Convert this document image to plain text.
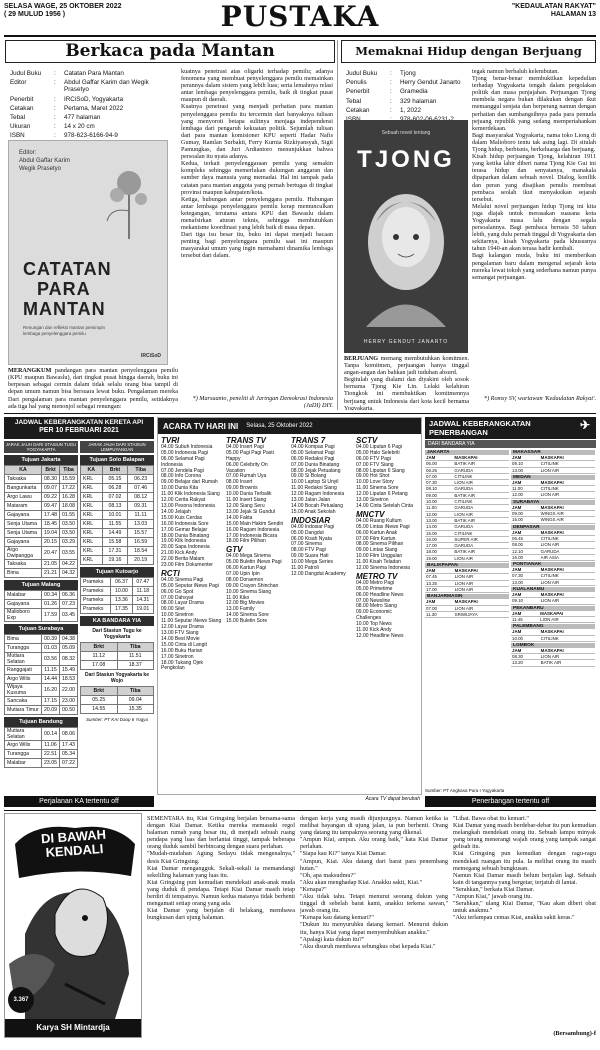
SELASA WAGE, 25 OKTOBER 2022
( 29 MULUD 1956 )	PUSTAKA	"KEDAULATAN RAKYAT"
HALAMAN 13
Berkaca pada Mantan
Judul Buku	:	Catatan Para Mantan
Editor	:	Abdul Gaffar Karim dan Wegik Prasetyo
Penerbit	:	IRCiSoD, Yogyakarta
Cetakan	:	Pertama, Maret 2022
Tebal	:	477 halaman
Ukuran	:	14 x 20 cm
ISBN	:	978-623-6166-94-9
Editor:
Abdul Gaffar Karim
Wegik Prasetyo
CATATAN
PARA
MANTAN
Renungan dan refleksi mantan pemimpin lembaga penyelenggara pemilu
IRCiSoD

MERANGKUM pandangan para mantan penyelenggara pemilu (KPU maupun Bawaslu), dari tingkat pusat hingga daerah, buku ini berpesan sebagai cermin dalam tidak selalu orang bisa tampil di depan umum namun bisa bersuara lewat buku. Pengalaman mereka

Dari pengalaman para mantan penyelenggara pemilu, setidaknya ada tiga hal yang menonjol sebagai renungan:
kuatnya penetrasi atas oligarki terhadap pemilu; adanya fenomena yang membuat penyelenggara pemilu memainkan perannya dalam sistem yang lebih luas; serta lemahnya relasi antar lembaga penyelenggara pemilu, baik di tingkat pusat maupun di daerah.
Kuatnya penetrasi yang menjadi perhatian para mantan penyelenggara pemilu itu tercermin dari banyaknya tulisan yang menyoroti betapa sulitnya menjaga independensi lembaga dari pengaruh kekuatan politik. Sejumlah tulisan dari para mantan komisioner KPU seperti Hadar Nafis Gumay, Ramlan Surbakti, Ferry Kurnia Rizkiyansyah, Sigit Pamungkas, dan Juri Ardiantoro menunjukkan bahwa persoalan itu nyata adanya.
Kedua, terkait penyelenggaraan pemilu yang semakin kompleks sehingga memerlukan dukungan anggaran dan sumber daya manusia yang memadai. Hal ini tampak pada catatan para mantan anggota yang pernah bertugas di tingkat provinsi maupun kabupaten/kota.
Ketiga, hubungan antar penyelenggara pemilu. Hubungan antar lembaga penyelenggara pemilu kerap memunculkan ketegangan, terutama antara KPU dan Bawaslu dalam menafsirkan aturan teknis, sehingga membutuhkan mekanisme koordinasi yang lebih baik di masa depan.
Dari tiga isu besar itu, buku ini dapat menjadi bacaan penting bagi penyelenggara pemilu saat ini maupun masyarakat umum yang ingin memahami dinamika lembaga tersebut dari dalam.
*) Marsuanto, peneliti di Jaringan Demokrasi Indonesia (JaDI) DIY.
Memaknai Hidup dengan Berjuang
Judul Buku	:	Tjong
Penulis	:	Herry Gendut Janarto
Penerbit	:	Gramedia
Tebal	:	329 halaman
Cetakan	:	1, 2022

Sebuah novel tentang
TJONG
HERRY GENDUT JANARTO
BERJUANG memang membutuhkan komitmen. Tanpa komitmen, perjuangan hanya tinggal angan-angan dan bahkan jadi tuduhan absurd.
Begitulah yang dialami dan diyakini oleh sosok bernama Tjong Kie Lin. Lelaki kelahiran Tiongkok ini membuktikan komitmennya berjuang untuk Indonesia dari kota kecil bernama Yogyakarta.

tegak namun berbaluh kelembutan.
Tjong benar-benar membuktikan kepedulian terhadap Yogyakarta tengah dalam pergolakan politik dan masa penjajahan. Perjuangan Tjong membela negara bukan dilakukan dengan ikut memanggul senjata dan berperang namun dengan perhatian dan sumbangsihnya pada para pemuda pejuang republik yang sedang mempertahankan kemerdekaan.
Bagi masyarakat Yogyakarta, nama toko Liong di dalam Malioboro tentu tak asing lagi. Di situlah Tjong hidup, berbisnis, berkeluarga dan berjuang.
Kisah hidup perjuangan Tjong, kelahiran 1911 yang ketika lahir diberi nama Tjong Kie Gui ini terasa hidup dan senyatanya, manakala dipaparkan dalam sebuah novel. Dialog, konflik dan peran yang disajikan penulis membuat pembaca seolah ikut menyaksikan sejarah tersebut.
Melalui novel perjuangan hidup Tjong ini kita juga diajak untuk merasakan suasana kota Yogyakarta masa lalu dengan segala persoalannya. Bagi pembaca berusia 50 tahun lebih, yang dulu pernah tinggal di Yogyakarta dan sekitarnya, kisah Yogyakarta pada khususnya tahun 1940-an akan terasa hadir kembali.
Bagi kalangan muda, buku ini memberikan pengalaman baru dalam mengenal sejarah kota mereka lewat tokoh yang sederhana namun punya semangat perjuangan.
*) Romsy SV, wartawan 'Kedaulatan Rakyat'.
JADWAL KEBERANGKATAN KERETA API
PER 10 FEBRUARI 2021
JARAK JAUH DARI STASIUN TUGU YOGYAKARTA
JARAK JAUH DARI STASIUN LEMPUYANGAN
Tujuan Jakarta
KA	Brkt	Tiba
Taksaka	08.30	15.59
Bangunkarta	09.07	17.22
Argo Lawu	09.22	16.28
Mataram	09.47	18.08
Gajayana	17.48	01.55
Senja Utama	18.45	03.50
Senja Utama	19.04	03.50
Gajayana	20.15	03.29
Argo Dwipangga	20.47	03.55
Taksaka	21.05	04.22
Bima	21.21	04.32
Tujuan Malang
Malabar	00.34	06.36
Gajayana	01.26	07.23
Malioboro Exp	17.59	03.45
Tujuan Surabaya
Bima	00.39	04.38
Turangga	01.03	05.09
Mutiara Selatan	03.56	08.32
Ranggajati	11.15	15.49
Argo Wilis	14.44	18.53
Wijaya Kusuma	16.20	22.00
Sancaka	17.15	23.00
Mutiara Timur	20.09	00.50
Tujuan Bandung
Mutiara Selatan	00.14	08.06
Argo Wilis	11.06	17.43
Turangga	22.51	05.34
Malabar	23.05	07.22
Tujuan Solo Balapan
KA	Brkt	Tiba
KRL	05.15	06.23
KRL	06.28	07.46
KRL	07.02	08.12
KRL	08.13	09.31
KRL	10.01	11.11
KRL	11.55	13.03
KRL	14.49	15.57
KRL	15.58	16.59
KRL	17.31	18.54
KRL	19.16	20.19
Tujuan Kutoarjo
Prameks	06.37	07.47
Prameks	10.00	11.18
Prameks	13.36	14.31
Prameks	17.35	19.01
KA BANDARA YIA
Dari Stasiun Tugu ke Yogyakarta
Brkt	Tiba
11.12	11.51
17.08	18.37
Dari Stasiun Yogyakarta ke Wojo
Brkt	Tiba
05.25	09.04
14.55	15.35
Sumber: PT KAI Daop 6 Yogya
Perjalanan KA tertentu off
ACARA TV HARI INI Selasa, 25 Oktober 2022
TVRI
04.00 Subuh Indonesia
05.00 Indonesia Pagi
06.00 Selamat Pagi Indonesia
07.00 Jendela Pagi
08.00 Info Corona
09.00 Belajar dari Rumah
10.00 Dunia Kita
11.00 Klik Indonesia Siang
12.00 Cerita Rakyat
13.00 Pesona Indonesia
14.00 Jelajah
15.00 Kuis Cerdas
16.00 Indonesia Sore
17.00 Gemar Belajar
18.00 Dunia Binatang
19.00 Klik Indonesia
20.00 Sapa Indonesia
21.00 Kick Andy
22.00 Berita Malam
23.00 Film Dokumenter
RCTI
04.00 Sinema Pagi
05.00 Seputar iNews Pagi
06.00 Go Spot
07.00 Dahsyat
08.00 Layar Drama
09.00 Silet
10.00 Sinetron
11.00 Seputar iNews Siang
12.00 Layar Drama
13.00 FTV Siang
14.00 Best Movie
15.00 Cinta di Langit
16.00 Buku Harian
17.00 Sinetron
18.00 Tukang Ojek Pengkolan
TRANS TV
04.00 Insert Pagi
05.00 Pagi Pagi Pasti Happy
06.00 Celebrity On Vacation
07.00 Rumah Uya
08.00 Insert
09.00 Brownis
10.00 Dunia Terbalik
11.00 Insert Siang
12.00 Siang Seru
13.00 Jejak Si Gundul
14.00 Fakta
15.00 Main Hakim Sendiri
16.00 Ragam Indonesia
17.00 Indonesia Bicara
18.00 Film Pilihan
GTV
04.00 Mega Sinema
05.00 Buletin iNews Pagi
06.00 Kartun Pagi
07.00 Upin Ipin
08.00 Doraemon
09.00 Crayon Shinchan
10.00 Sinema Siang
11.00 Kiko
12.00 Big Movies
13.00 Family
14.00 Sinema Sore
15.00 Buletin Sore
TRANS 7
04.00 Kompas Pagi
05.00 Selamat Pagi
06.00 Redaksi Pagi
07.00 Dunia Binatang
08.00 Jejak Petualang
09.00 Si Bolang
10.00 Laptop Si Unyil
11.00 Redaksi Siang
12.00 Ragam Indonesia
13.00 Jalan Jalan
14.00 Bocah Petualang
15.00 Anak Sekolah
INDOSIAR
04.00 Indosiar Pagi
05.00 Dangdut
06.00 Kisah Nyata
07.00 Sinema
08.00 FTV Pagi
09.00 Suara Hati
10.00 Mega Series
11.00 Patroli
12.00 Dangdut Academy
SCTV
04.00 Liputan 6 Pagi
05.00 Halo Selebriti
06.00 FTV Pagi
07.00 FTV Siang
08.00 Liputan 6 Siang
09.00 Hot Shot
10.00 Love Story
11.00 Sinema Sore
12.00 Liputan 6 Petang
13.00 Sinetron
14.00 Cinta Setelah Cinta
MNCTV
04.00 Ruang Kultum
05.00 Lintas iNews Pagi
06.00 Kartun Anak
07.00 Film Kartun
08.00 Sinema Pilihan
09.00 Lintas Siang
10.00 Film Unggulan
11.00 Kisah Teladan
12.00 Sinema Indonesia
METRO TV
04.00 Metro Pagi
05.00 Primetime
06.00 Headline News
07.00 Newsline
08.00 Metro Siang
09.00 Economic Challenges
10.00 Top News
11.00 Kick Andy
12.00 Headline News
Acara TV dapat berubah
JADWAL KEBERANGKATAN
PENERBANGAN
✈
DARI BANDARA YIA
JAKARTA
JAM	MASKAPAI
06.00	BATIK AIR
06.25	GARUDA
07.00	CITILINK
07.30	LION AIR
08.10	GARUDA
09.00	BATIK AIR
10.00	CITILINK
11.00	GARUDA
12.00	LION AIR
13.00	BATIK AIR
14.00	GARUDA
15.00	CITILINK
16.00	SUPER AIR
17.00	GARUDA
18.00	BATIK AIR
19.00	LION AIR
BALIKPAPAN
JAM	MASKAPAI
07.45	LION AIR
13.25	LION AIR
17.00	LION AIR
BANJARMASIN
JAM	MASKAPAI
07.00	LION AIR
11.30	SRIWIJAYA
MAKASSAR
JAM	MASKAPAI
09.10	CITILINK
13.00	LION AIR
MEDAN
JAM	MASKAPAI
11.00	CITILINK
12.00	LION AIR
SURABAYA
JAM	MASKAPAI
09.00	WINGS AIR
15.00	WINGS AIR
DENPASAR
JAM	MASKAPAI
06.45	CITILINK
08.00	LION AIR
12.10	GARUDA
16.00	AIR ASIA
PONTIANAK
JAM	MASKAPAI
07.30	CITILINK
13.00	LION AIR
KUALANAMU
JAM	MASKAPAI
09.10	LION AIR
PEKANBARU
JAM	MASKAPAI
11.45	LION AIR
PALEMBANG
JAM	MASKAPAI
10.00	CITILINK
LOMBOK
JAM	MASKAPAI
08.30	LION AIR
13.20	BATIK AIR
Sumber: PT Angkasa Pura I Yogyakarta
Penerbangan tertentu off
DI BAWAH KENDALI
3.367
Karya SH Mintardja
SEMENTARA itu, Kiai Gringsing berjalan bersama-sama dengan Kiai Damar. Ketika mereka memasuki regol halaman rumah yang besar itu, di menjadi sebuah ruang pendapa yang luas dan berlantai tinggi, tampak beberapa orang duduk sambil berbincang dengan suara perlahan.
"Mudah-mudahan Agung Sedayu tidak mengenalnya," desis Kiai Gringsing.
Kiai Damar mengangguk. Sekali-sekali ia memandangi sekeliling halaman yang luas itu.
Kiai Gringsing pun kemudian mendekati anak-anak muda yang duduk di pendapa. Tetapi Kiai Damar masih tetap berdiri di tempatnya. Namun kedua matanya tidak berhenti mengamati setiap orang yang ada.
Kiai Damar yang berjalan di belakang, membawa bungkusan dari ujung halaman.
dengan kerja yang masih dijunjungnya. Namun ketika ia melihat bayangan di ujung jalan, ia pun berhenti. Orang yang datang itu tampaknya seorang yang dikenal.
"Ampun Kiai, ampun. Aku orang baik," kata Kiai Damar perlahan.
"Siapa kau Ki?" tanya Kiai Damar.
"Ampun, Kiai. Aku datang dari barat para penembang hutan."
"Oh, apa maksudmu?"
"Aku akan menghadap Kiai. Anakku sakit, Kiai."
"Kenapa?"
"Aku tidak tahu. Tetapi menurut seorang dukun yang tinggal di sebelah barat kami, anakku terkena sawan," jawab orang itu.
"Kenapa kau datang kemari?"
"Dukun itu menyuruhku datang kemari. Menurut dukun itu, hanya Kiai yang dapat menyembuhkan anakku."
"Apalagi kata dukun itu?"
"Aku disuruh membawa sebungkus obat kepada Kiai."
"Lihat. Bawa obat itu kemari."
Kiai Damar yang masih berdebar-debar itu pun kemudian melangkah mendekati orang itu. Sebuah lampu minyak yang terang menerangi wajah orang yang tampak sangat gelisah itu.
Kiai Gringsing pun kemudian dengan ragu-ragu mendekati ruangan itu pula. Ia melihat orang itu masih memegang sebuah bungkusan.
Namun Kiai Damar masih belum berjalan lagi. Sebuah kain di tangannya yang bergetar, terjatuh di lantai.
"Serahkan," berkata Kiai Damar.
"Ampun Kiai," jawab orang itu.
"Serahkan," ulang Kiai Damar, "Kau akan diberi obat untuk anakmu."
"Aku terlampau cemas Kiai, anakku sakit keras."
(Bersambung)-f
